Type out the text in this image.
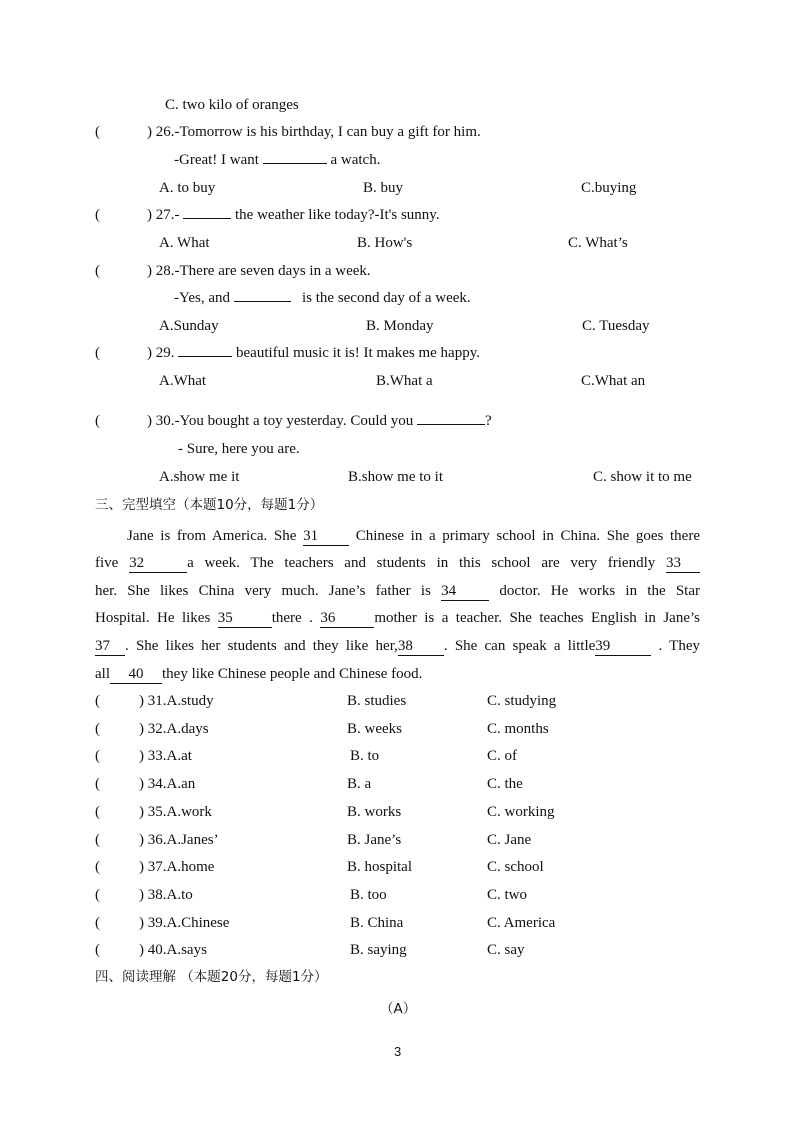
C. two kilo of oranges
(	) 26.-Tomorrow is his birthday, I can buy a gift for him.
-Great! I want	a watch.
A. to buy	B. buy	C.buying
(	) 27.-	the weather like today?-It's sunny.
A. What	B. How's	C. What’s
(	) 28.-There are seven days in a week.
-Yes, and	is the second day of a week.
A.Sunday	B. Monday	C. Tuesday
(	) 29.	beautiful music it is! It makes me happy.
A.What	B.What a	C.What an
(	) 30.-You bought a toy yesterday. Could you	?
- Sure, here you are.
A.show me it	B.show me to it	C. show it to me
三、完型填空（本题10分，每题1分）
Jane is from America. She 31	Chinese in a primary school in China. She goes there
five 32	a week. The teachers and students in this school are very friendly 33
her. She likes China very much. Jane’s father is 34	doctor. He works in the Star
Hospital. He likes 35	there . 36	mother is a teacher. She teaches English in Jane’s
37 . She likes her students and they like her,38 . She can speak a little39	. They
all 40 they like Chinese people and Chinese food.
(	) 31.A.study	B. studies	C. studying
(	) 32.A.days	B. weeks	C. months
(	) 33.A.at	B. to	C. of
(	) 34.A.an	B. a	C. the
(	) 35.A.work	B. works	C. working
(	) 36.A.Janes’	B. Jane’s	C. Jane
(	) 37.A.home	B. hospital	C. school
(	) 38.A.to	B. too	C. two
(	) 39.A.Chinese	B. China	C. America
(	) 40.A.says	B. saying	C. say
四、阅读理解 （本题20分，每题1分）
（A）
3
